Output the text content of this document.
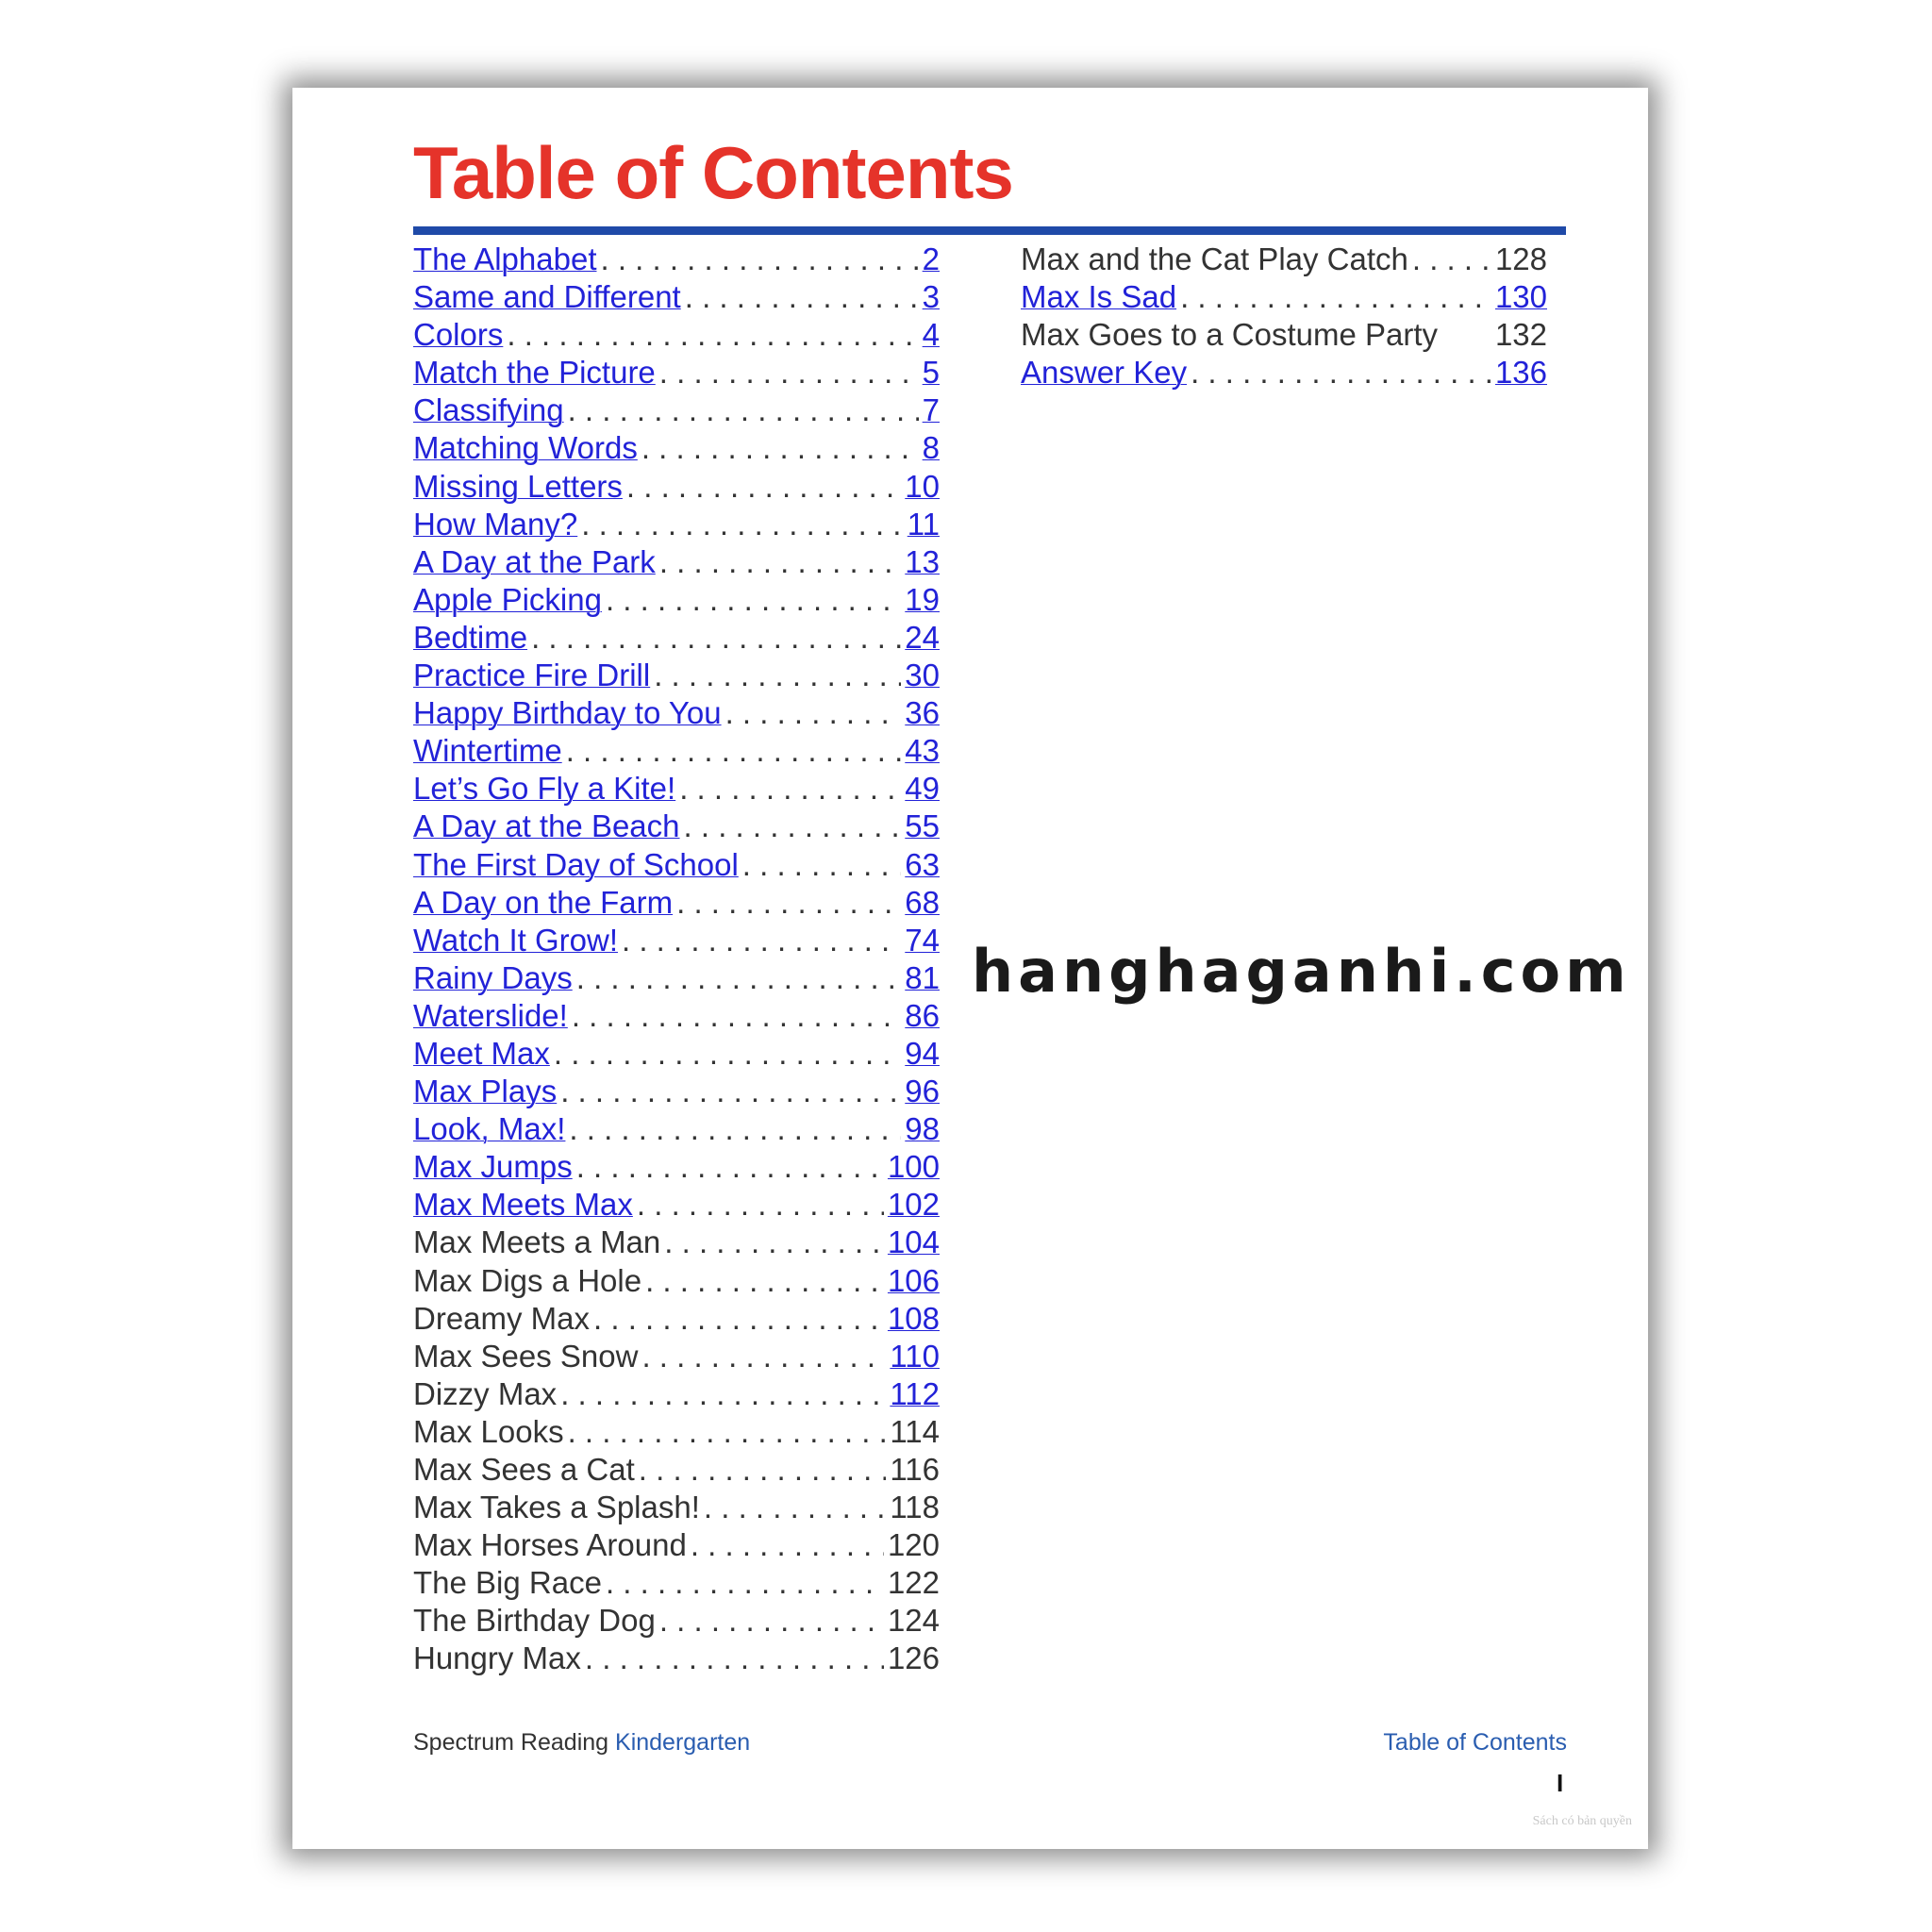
Table of Contents
The Alphabet . . .	2
Same and Different . . .	3
Colors . . .	4
Match the Picture . . .	5
Classifying . . .	7
Matching Words . . .	8
Missing Letters . . .	10
How Many? . . .	11
A Day at the Park . . .	13
Apple Picking . . .	19
Bedtime . . .	24
Practice Fire Drill . . .	30
Happy Birthday to You . . .	36
Wintertime . . .	43
Let’s Go Fly a Kite! . . .	49
A Day at the Beach . . .	55
The First Day of School . . .	63
A Day on the Farm . . .	68
Watch It Grow! . . .	74
Rainy Days . . .	81
Waterslide! . . .	86
Meet Max . . .	94
Max Plays . . .	96
Look, Max! . . .	98
Max Jumps . . .	100
Max Meets Max . . .	102
Max Meets a Man . . .	104
Max Digs a Hole . . .	106
Dreamy Max . . .	108
Max Sees Snow . . .	110
Dizzy Max . . .	112
Max Looks . . .	114
Max Sees a Cat . . .	116
Max Takes a Splash! . . .	118
Max Horses Around . . .	120
The Big Race . . .	122
The Birthday Dog . . .	124
Hungry Max . . .	126
Max and the Cat Play Catch . . .	128
Max Is Sad . . .	130
Max Goes to a Costume Party 132
Answer Key . . .	136
hanghaganhi.com
Spectrum Reading Kindergarten	Table of Contents
I
Sách có bản quyền
